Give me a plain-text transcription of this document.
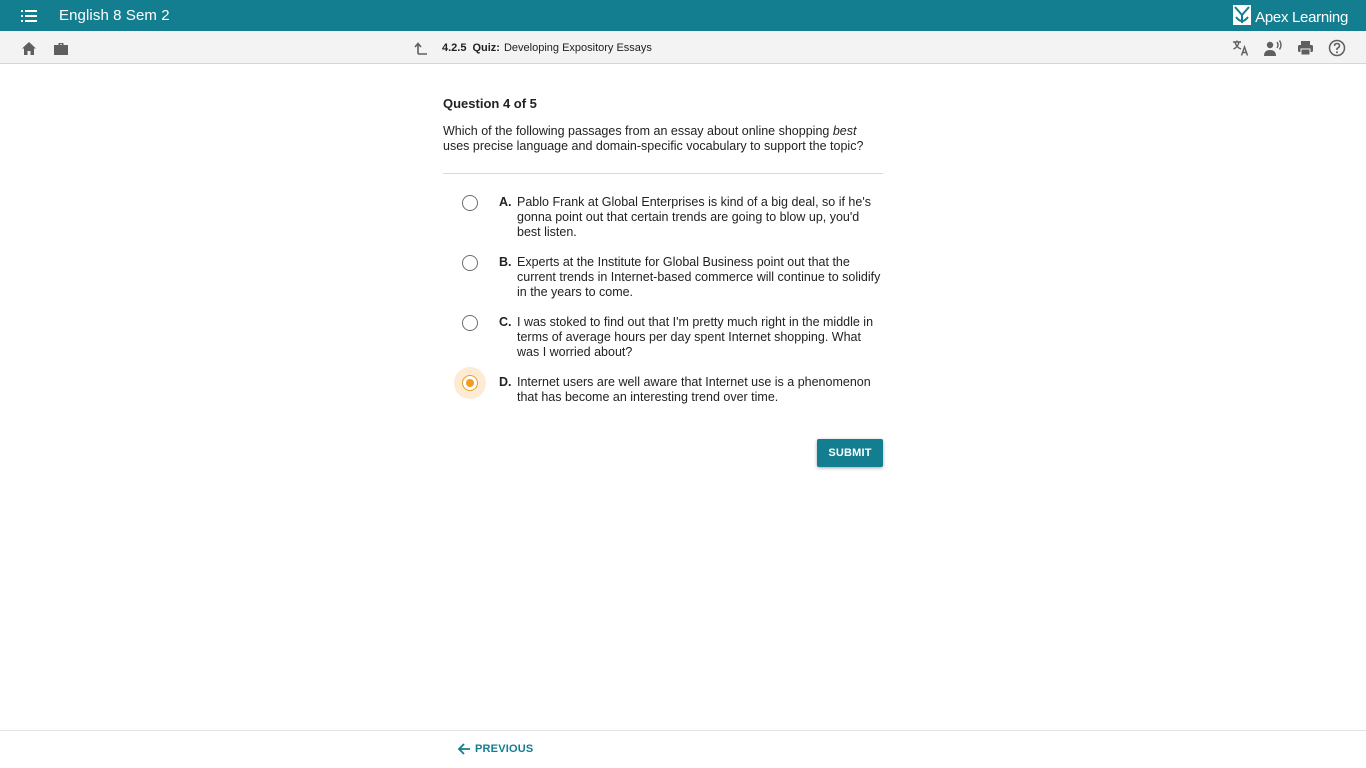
English 8 Sem 2	Apex Learning
4.2.5 Quiz: Developing Expository Essays
Question 4 of 5
Which of the following passages from an essay about online shopping best uses precise language and domain-specific vocabulary to support the topic?
A. Pablo Frank at Global Enterprises is kind of a big deal, so if he's gonna point out that certain trends are going to blow up, you'd best listen.
B. Experts at the Institute for Global Business point out that the current trends in Internet-based commerce will continue to solidify in the years to come.
C. I was stoked to find out that I'm pretty much right in the middle in terms of average hours per day spent Internet shopping. What was I worried about?
D. Internet users are well aware that Internet use is a phenomenon that has become an interesting trend over time.
SUBMIT
PREVIOUS
